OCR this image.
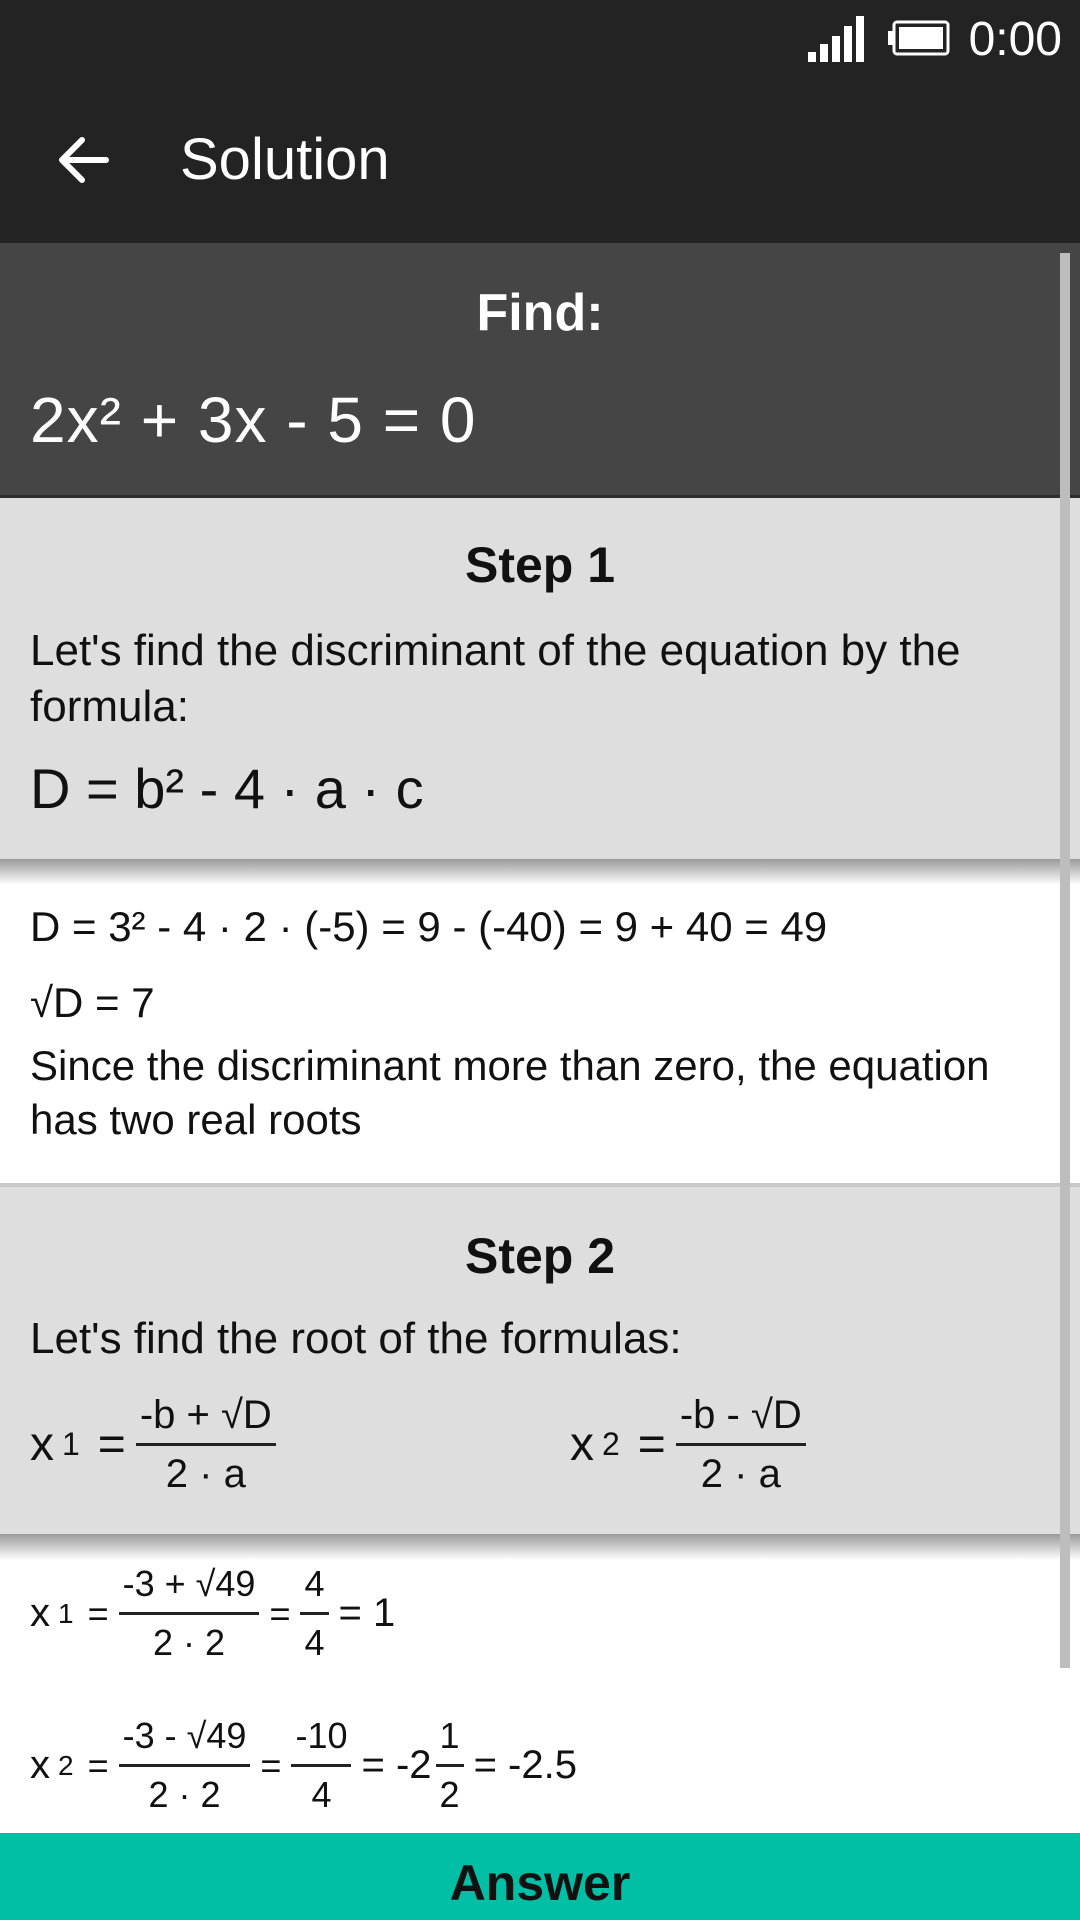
0:00
Solution
Find:
2x² + 3x - 5 = 0
Step 1
Let's find the discriminant of the equation by the formula:
D = b² - 4 · a · c
D = 3² - 4 · 2 · (-5) = 9 - (-40) = 9 + 40 = 49
√D = 7
Since the discriminant more than zero, the equation has two real roots
Step 2
Let's find the root of the formulas:
x $1 = \frac{-b + √D}{2 \cdot a}$	x $2 = \frac{-b - √D}{2 \cdot a}$
x $1 = \frac{-3 + √49}{2 \cdot 2} = \frac{4}{4} = 1$
x $2 = \frac{-3 - √49}{2 \cdot 2} = \frac{-10}{4} = -2 \frac{1}{2} = -2.5$
Answer
